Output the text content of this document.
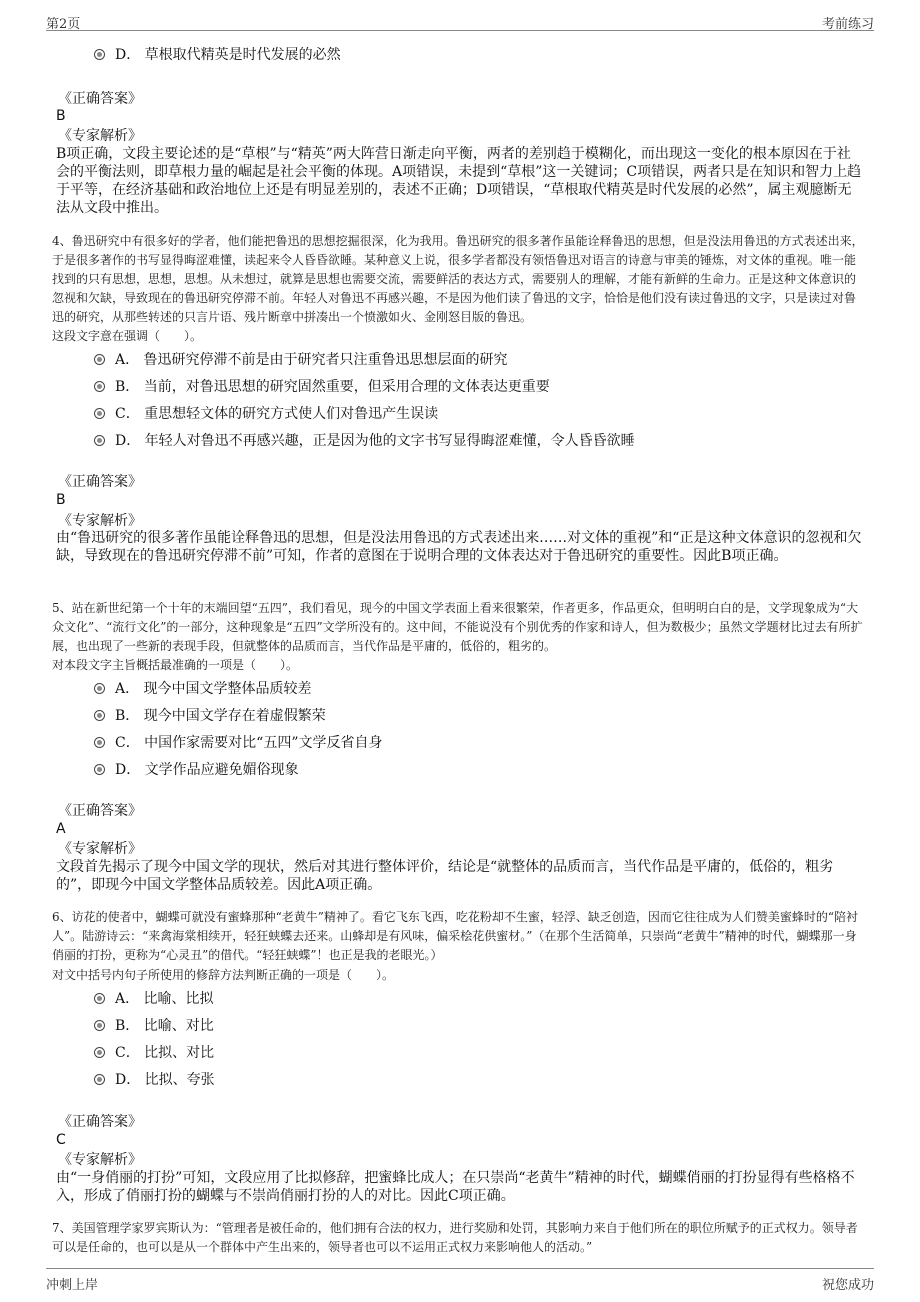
第2页	考前练习
D． 草根取代精英是时代发展的必然
《正确答案》
B
《专家解析》
B项正确，文段主要论述的是“草根”与“精英”两大阵营日渐走向平衡，两者的差别趋于模糊化，而出现这一变化的根本原因在于社会的平衡法则，即草根力量的崛起是社会平衡的体现。A项错误，未提到“草根”这一关键词；C项错误，两者只是在知识和智力上趋于平等，在经济基础和政治地位上还是有明显差别的，表述不正确；D项错误，“草根取代精英是时代发展的必然”，属主观臆断无法从文段中推出。
4、鲁迅研究中有很多好的学者，他们能把鲁迅的思想挖掘很深，化为我用。鲁迅研究的很多著作虽能诠释鲁迅的思想，但是没法用鲁迅的方式表述出来，于是很多著作的书写显得晦涩难懂，读起来令人昏昏欲睡。某种意义上说，很多学者都没有领悟鲁迅对语言的诗意与审美的锤炼，对文体的重视。唯一能找到的只有思想，思想，思想。从未想过，就算是思想也需要交流，需要鲜活的表达方式，需要别人的理解，才能有新鲜的生命力。正是这种文体意识的忽视和欠缺，导致现在的鲁迅研究停滞不前。年轻人对鲁迅不再感兴趣，不是因为他们读了鲁迅的文字，恰恰是他们没有读过鲁迅的文字，只是读过对鲁迅的研究，从那些转述的只言片语、残片断章中拼凑出一个愤激如火、金刚怒目版的鲁迅。
这段文字意在强调（　　）。
A． 鲁迅研究停滞不前是由于研究者只注重鲁迅思想层面的研究
B． 当前，对鲁迅思想的研究固然重要，但采用合理的文体表达更重要
C． 重思想轻文体的研究方式使人们对鲁迅产生误读
D． 年轻人对鲁迅不再感兴趣，正是因为他的文字书写显得晦涩难懂，令人昏昏欲睡
《正确答案》
B
《专家解析》
由“鲁迅研究的很多著作虽能诠释鲁迅的思想，但是没法用鲁迅的方式表述出来……对文体的重视”和“正是这种文体意识的忽视和欠缺，导致现在的鲁迅研究停滞不前”可知，作者的意图在于说明合理的文体表达对于鲁迅研究的重要性。因此B项正确。
5、站在新世纪第一个十年的末端回望“五四”，我们看见，现今的中国文学表面上看来很繁荣，作者更多，作品更众，但明明白白的是，文学现象成为“大众文化”、“流行文化”的一部分，这种现象是“五四”文学所没有的。这中间，不能说没有个别优秀的作家和诗人，但为数极少；虽然文学题材比过去有所扩展，也出现了一些新的表现手段，但就整体的品质而言，当代作品是平庸的，低俗的，粗劣的。
对本段文字主旨概括最准确的一项是（　　）。
A． 现今中国文学整体品质较差
B． 现今中国文学存在着虚假繁荣
C． 中国作家需要对比“五四”文学反省自身
D． 文学作品应避免媚俗现象
《正确答案》
A
《专家解析》
文段首先揭示了现今中国文学的现状，然后对其进行整体评价，结论是“就整体的品质而言，当代作品是平庸的，低俗的，粗劣的”，即现今中国文学整体品质较差。因此A项正确。
6、访花的使者中，蝴蝶可就没有蜜蜂那种“老黄牛”精神了。看它飞东飞西，吃花粉却不生蜜，轻浮、缺乏创造，因而它往往成为人们赞美蜜蜂时的“陪衬人”。陆游诗云：“来禽海棠相续开，轻狂蛱蝶去还来。山蜂却是有风味，偏采桧花供蜜材。”（在那个生活简单，只崇尚“老黄牛”精神的时代，蝴蝶那一身俏丽的打扮，更称为“心灵丑”的借代。“轻狂蛱蝶”！也正是我的老眼光。）
对文中括号内句子所使用的修辞方法判断正确的一项是（　　）。
A． 比喻、比拟
B． 比喻、对比
C． 比拟、对比
D． 比拟、夸张
《正确答案》
C
《专家解析》
由“一身俏丽的打扮”可知，文段应用了比拟修辞，把蜜蜂比成人；在只崇尚“老黄牛”精神的时代，蝴蝶俏丽的打扮显得有些格格不入，形成了俏丽打扮的蝴蝶与不崇尚俏丽打扮的人的对比。因此C项正确。
7、美国管理学家罗宾斯认为：“管理者是被任命的，他们拥有合法的权力，进行奖励和处罚，其影响力来自于他们所在的职位所赋予的正式权力。领导者可以是任命的，也可以是从一个群体中产生出来的，领导者也可以不运用正式权力来影响他人的活动。”
冲刺上岸	祝您成功
